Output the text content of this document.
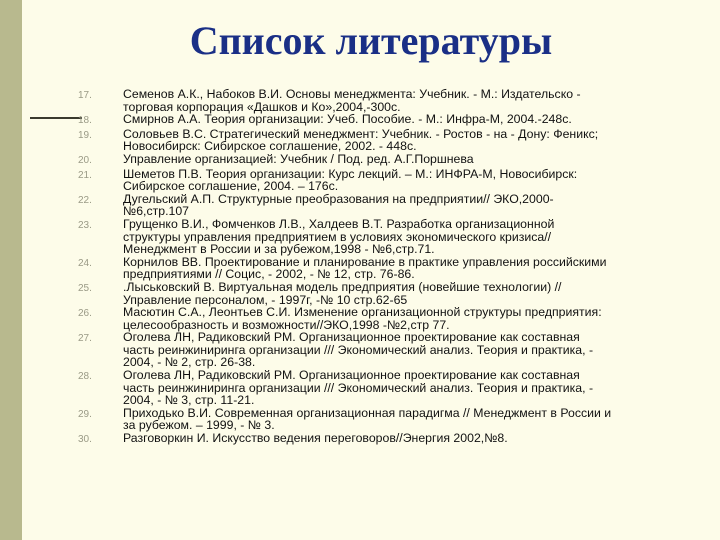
Список литературы
17.	Семенов А.К., Набоков В.И. Основы менеджмента: Учебник. - М.: Издательско -
торговая корпорация «Дашков и Ко»,2004,-300с.
18.	Смирнов А.А. Теория организации: Учеб. Пособие. - М.: Инфра-М, 2004.-248с.
19.	Соловьев В.С. Стратегический менеджмент: Учебник. - Ростов - на - Дону: Феникс;
Новосибирск: Сибирское соглашение, 2002. - 448с.
20.	Управление организацией: Учебник / Под. ред. А.Г.Поршнева
21.	Шеметов П.В. Теория организации: Курс лекций. – М.: ИНФРА-М, Новосибирск:
Сибирское соглашение, 2004. – 176с.
22.	Дугельский А.П. Структурные преобразования на предприятии// ЭКО,2000-
№6,стр.107
23.	Грущенко В.И., Фомченков Л.В., Халдеев В.Т. Разработка организационной
структуры управления предприятием в условиях экономического кризиса//
Менеджмент в России и за рубежом,1998 - №6,стр.71.
24.	Корнилов ВВ. Проектирование и планирование в практике управления российскими
предприятиями // Социс, - 2002, - № 12, стр. 76-86.
25.	.Лыськовский В. Виртуальная модель предприятия (новейшие технологии) //
Управление персоналом, - 1997г, -№ 10 стр.62-65
26.	Масютин С.А., Леонтьев С.И. Изменение организационной структуры предприятия:
целесообразность и возможности//ЭКО,1998 -№2,стр 77.
27.	Оголева ЛН, Радиковский РМ. Организационное проектирование как составная
часть реинжиниринга организации /// Экономический анализ. Теория и практика, -
2004, - № 2, стр. 26-38.
28.	Оголева ЛН, Радиковский РМ. Организационное проектирование как составная
часть реинжиниринга организации /// Экономический анализ. Теория и практика, -
2004, - № 3, стр. 11-21.
29.	Приходько В.И. Современная организационная парадигма // Менеджмент в России и
за рубежом. – 1999, - № 3.
30.	Разговоркин И. Искусство ведения переговоров//Энергия 2002,№8.
